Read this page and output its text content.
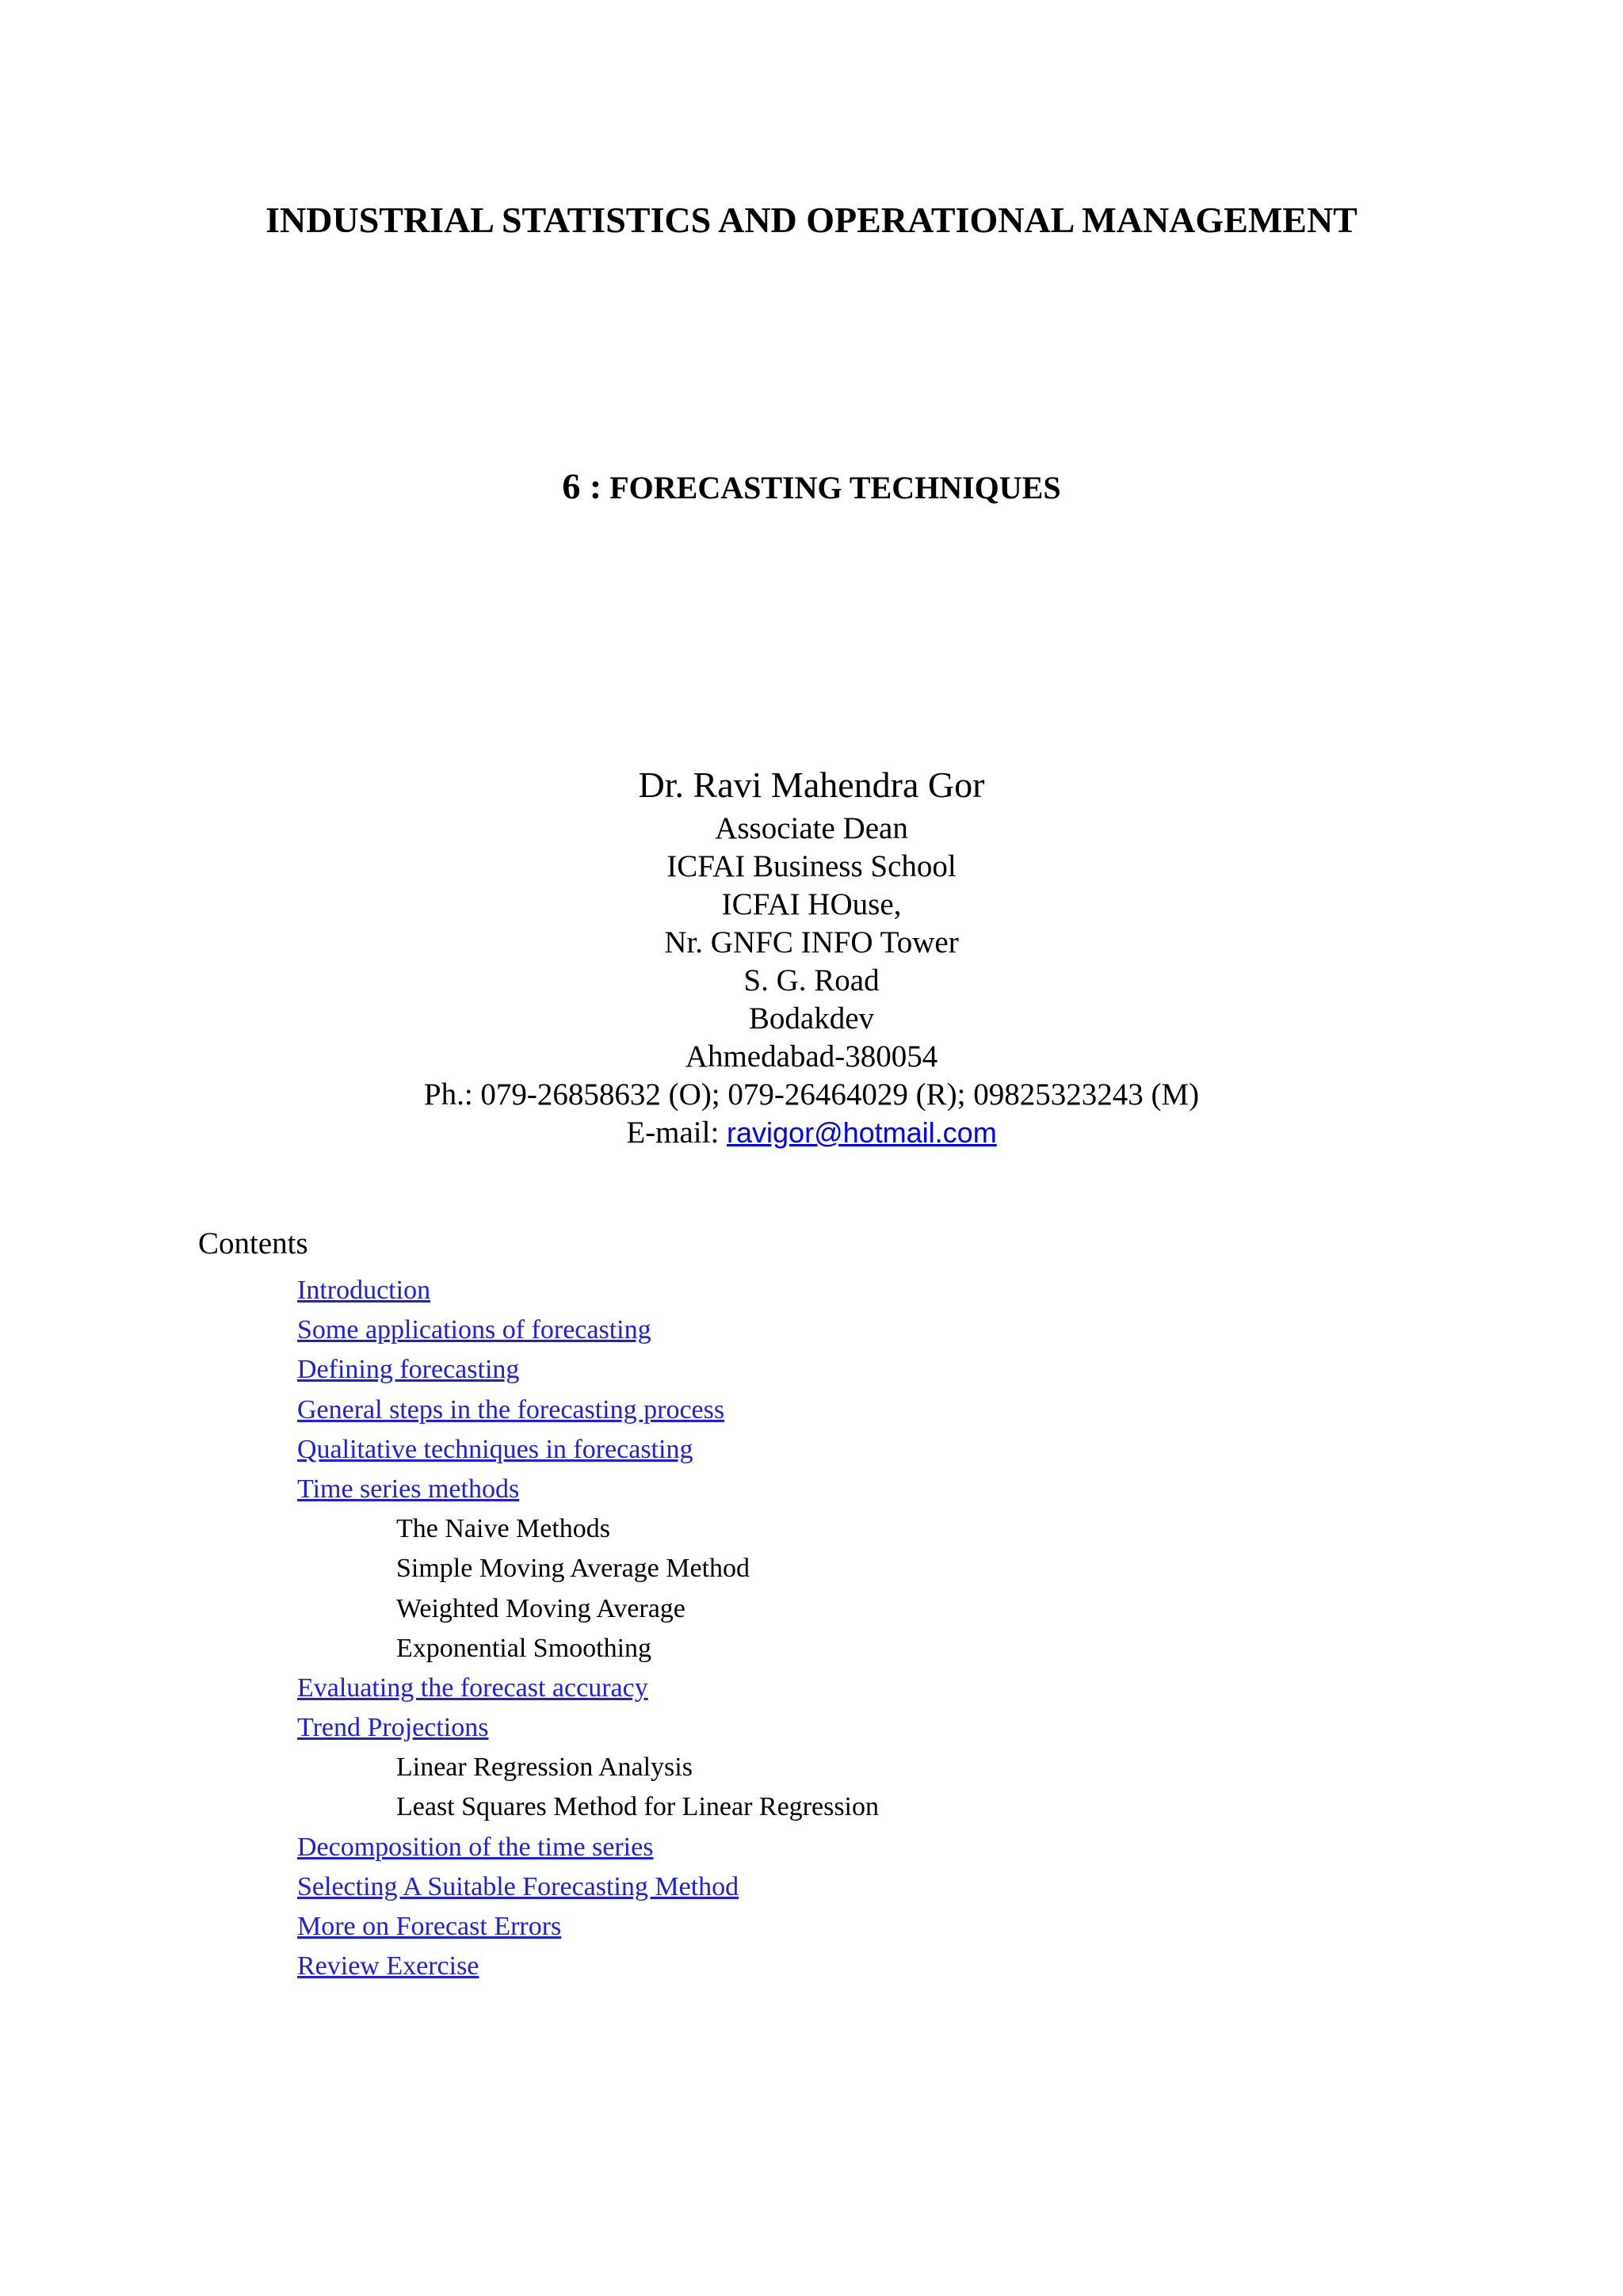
INDUSTRIAL STATISTICS AND OPERATIONAL MANAGEMENT
6 : FORECASTING TECHNIQUES
Dr. Ravi Mahendra Gor
Associate Dean
ICFAI Business School
ICFAI HOuse,
Nr. GNFC INFO Tower
S. G. Road
Bodakdev
Ahmedabad-380054
Ph.: 079-26858632 (O); 079-26464029 (R); 09825323243 (M)
E-mail: ravigor@hotmail.com
Contents
Introduction
Some applications of forecasting
Defining forecasting
General steps in the forecasting process
Qualitative techniques in forecasting
Time series methods
The Naive Methods
Simple Moving Average Method
Weighted Moving Average
Exponential Smoothing
Evaluating the forecast accuracy
Trend Projections
Linear Regression Analysis
Least Squares Method for Linear Regression
Decomposition of the time series
Selecting A Suitable Forecasting Method
More on Forecast Errors
Review Exercise
